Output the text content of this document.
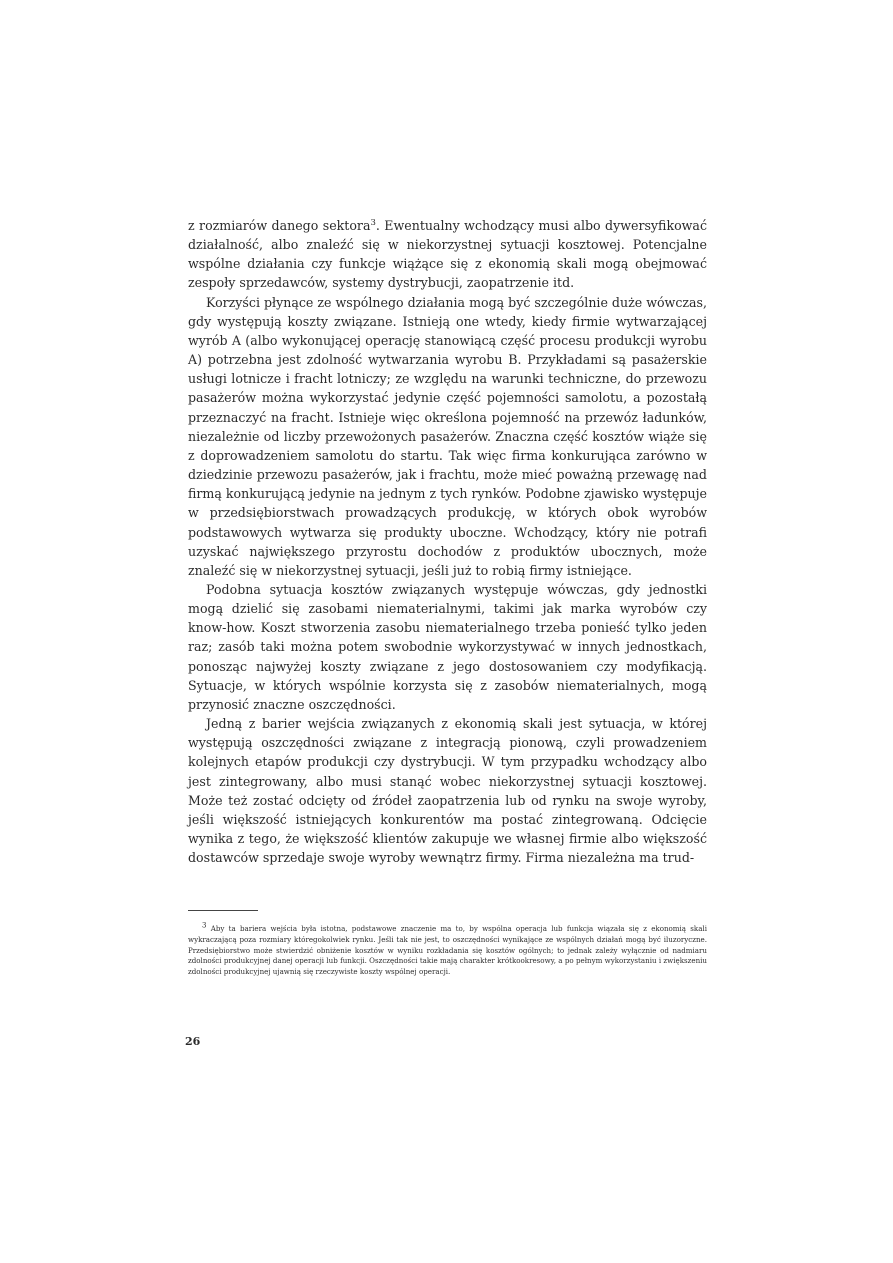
z rozmiarów danego sektora$^3$. Ewentualny wchodzący musi albo dywersyfikować działalność, albo znaleźć się w niekorzystnej sytuacji kosztowej. Potencjalne wspólne działania czy funkcje wiążące się z ekonomią skali mogą obejmować zespoły sprzedawców, systemy dystrybucji, zaopatrzenie itd.

Korzyści płynące ze wspólnego działania mogą być szczególnie duże wówczas, gdy występują koszty związane. Istnieją one wtedy, kiedy firmie wytwarzającej wyrób A (albo wykonującej operację stanowiącą część procesu produkcji wyrobu A) potrzebna jest zdolność wytwarzania wyrobu B. Przykładami są pasażerskie usługi lotnicze i fracht lotniczy; ze względu na warunki techniczne, do przewozu pasażerów można wykorzystać jedynie część pojemności samolotu, a pozostałą przeznaczyć na fracht. Istnieje więc określona pojemność na przewóz ładunków, niezależnie od liczby przewożonych pasażerów. Znaczna część kosztów wiąże się z doprowadzeniem samolotu do startu. Tak więc firma konkurująca zarówno w dziedzinie przewozu pasażerów, jak i frachtu, może mieć poważną przewagę nad firmą konkurującą jedynie na jednym z tych rynków. Podobne zjawisko występuje w przedsiębiorstwach prowadzących produkcję, w których obok wyrobów podstawowych wytwarza się produkty uboczne. Wchodzący, który nie potrafi uzyskać największego przyrostu dochodów z produktów ubocznych, może znaleźć się w niekorzystnej sytuacji, jeśli już to robią firmy istniejące.

Podobna sytuacja kosztów związanych występuje wówczas, gdy jednostki mogą dzielić się zasobami niematerialnymi, takimi jak marka wyrobów czy know-how. Koszt stworzenia zasobu niematerialnego trzeba ponieść tylko jeden raz; zasób taki można potem swobodnie wykorzystywać w innych jednostkach, ponosząc najwyżej koszty związane z jego dostosowaniem czy modyfikacją. Sytuacje, w których wspólnie korzysta się z zasobów niematerialnych, mogą przynosić znaczne oszczędności.

Jedną z barier wejścia związanych z ekonomią skali jest sytuacja, w której występują oszczędności związane z integracją pionową, czyli prowadzeniem kolejnych etapów produkcji czy dystrybucji. W tym przypadku wchodzący albo jest zintegrowany, albo musi stanąć wobec niekorzystnej sytuacji kosztowej. Może też zostać odcięty od źródeł zaopatrzenia lub od rynku na swoje wyroby, jeśli większość istniejących konkurentów ma postać zintegrowaną. Odcięcie wynika z tego, że większość klientów zakupuje we własnej firmie albo większość dostawców sprzedaje swoje wyroby wewnątrz firmy. Firma niezależna ma trud-

3 Aby ta bariera wejścia była istotna, podstawowe znaczenie ma to, by wspólna operacja lub funkcja wiązała się z ekonomią skali wykraczającą poza rozmiary któregokolwiek rynku. Jeśli tak nie jest, to oszczędności wynikające ze wspólnych działań mogą być iluzoryczne. Przedsiębiorstwo może stwierdzić obniżenie kosztów w wyniku rozkładania się kosztów ogólnych; to jednak zależy wyłącznie od nadmiaru zdolności produkcyjnej danej operacji lub funkcji. Oszczędności takie mają charakter krótkookresowy, a po pełnym wykorzystaniu i zwiększeniu zdolności produkcyjnej ujawnią się rzeczywiste koszty wspólnej operacji.
26
